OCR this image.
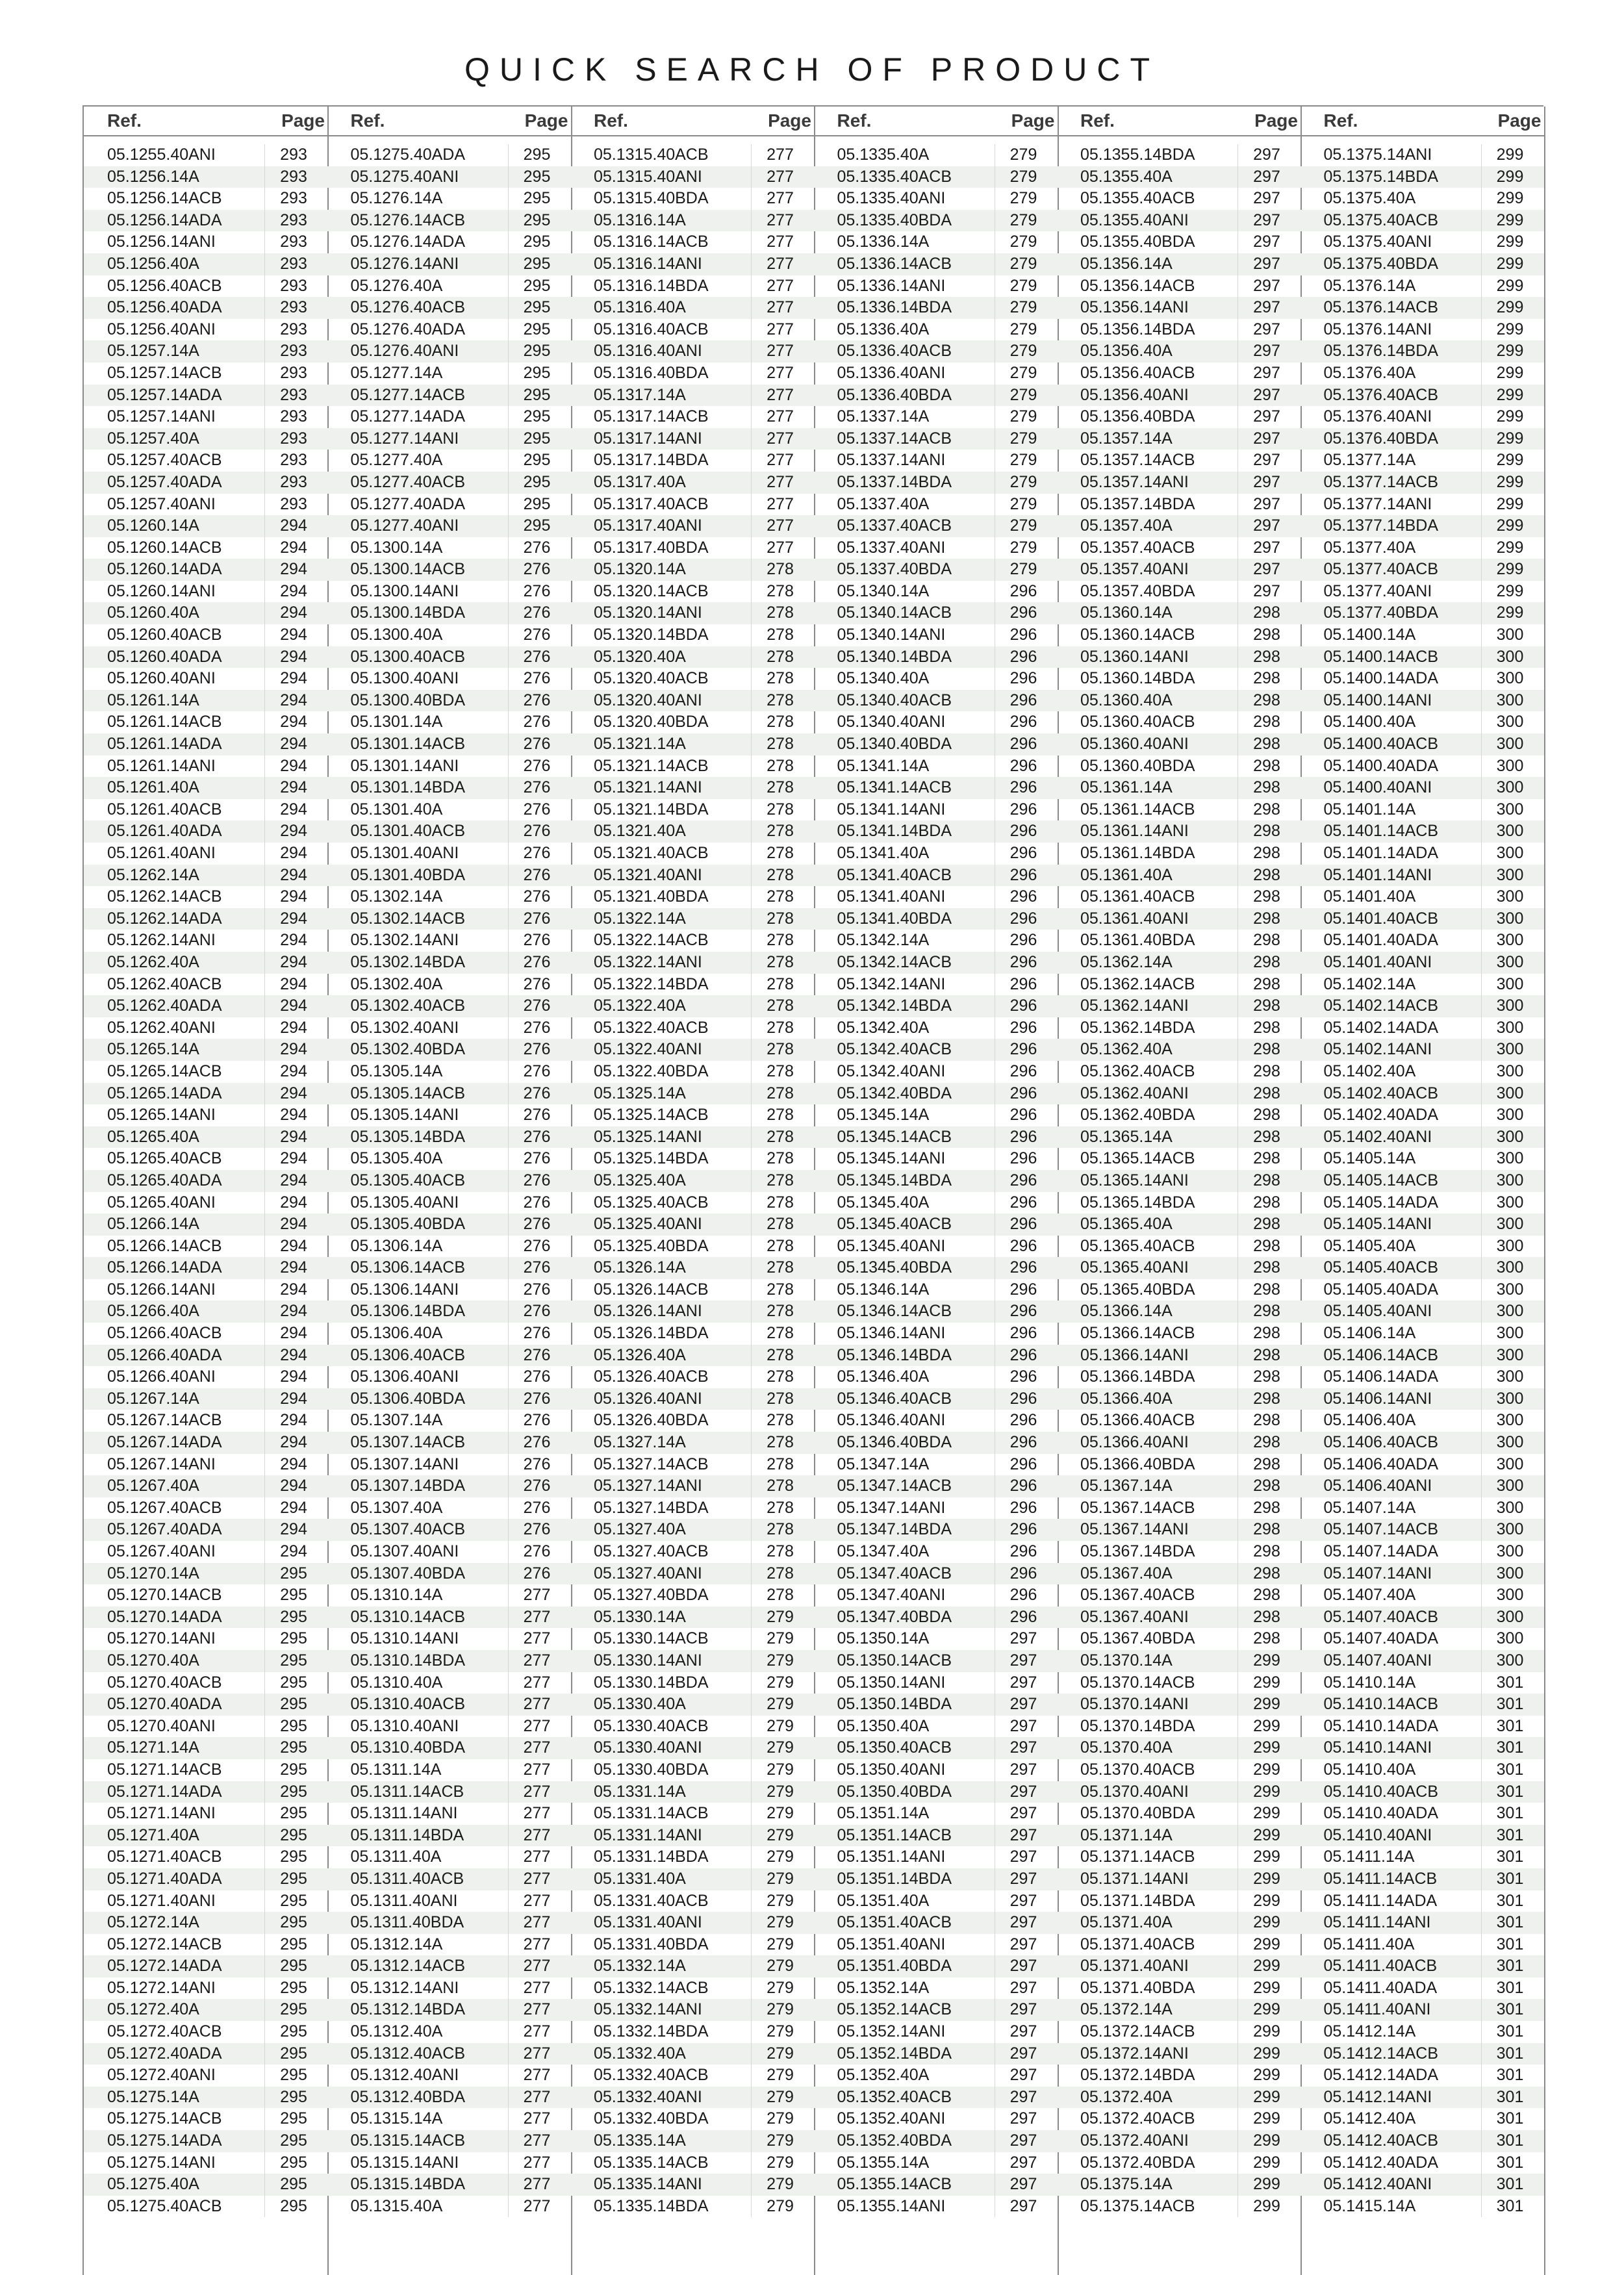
QUICK SEARCH OF PRODUCT
Ref.	Page
05.1255.40ANI	293
05.1256.14A	293
05.1256.14ACB	293
05.1256.14ADA	293
05.1256.14ANI	293
05.1256.40A	293
05.1256.40ACB	293
05.1256.40ADA	293
05.1256.40ANI	293
05.1257.14A	293
05.1257.14ACB	293
05.1257.14ADA	293
05.1257.14ANI	293
05.1257.40A	293
05.1257.40ACB	293
05.1257.40ADA	293
05.1257.40ANI	293
05.1260.14A	294
05.1260.14ACB	294
05.1260.14ADA	294
05.1260.14ANI	294
05.1260.40A	294
05.1260.40ACB	294
05.1260.40ADA	294
05.1260.40ANI	294
05.1261.14A	294
05.1261.14ACB	294
05.1261.14ADA	294
05.1261.14ANI	294
05.1261.40A	294
05.1261.40ACB	294
05.1261.40ADA	294
05.1261.40ANI	294
05.1262.14A	294
05.1262.14ACB	294
05.1262.14ADA	294
05.1262.14ANI	294
05.1262.40A	294
05.1262.40ACB	294
05.1262.40ADA	294
05.1262.40ANI	294
05.1265.14A	294
05.1265.14ACB	294
05.1265.14ADA	294
05.1265.14ANI	294
05.1265.40A	294
05.1265.40ACB	294
05.1265.40ADA	294
05.1265.40ANI	294
05.1266.14A	294
05.1266.14ACB	294
05.1266.14ADA	294
05.1266.14ANI	294
05.1266.40A	294
05.1266.40ACB	294
05.1266.40ADA	294
05.1266.40ANI	294
05.1267.14A	294
05.1267.14ACB	294
05.1267.14ADA	294
05.1267.14ANI	294
05.1267.40A	294
05.1267.40ACB	294
05.1267.40ADA	294
05.1267.40ANI	294
05.1270.14A	295
05.1270.14ACB	295
05.1270.14ADA	295
05.1270.14ANI	295
05.1270.40A	295
05.1270.40ACB	295
05.1270.40ADA	295
05.1270.40ANI	295
05.1271.14A	295
05.1271.14ACB	295
05.1271.14ADA	295
05.1271.14ANI	295
05.1271.40A	295
05.1271.40ACB	295
05.1271.40ADA	295
05.1271.40ANI	295
05.1272.14A	295
05.1272.14ACB	295
05.1272.14ADA	295
05.1272.14ANI	295
05.1272.40A	295
05.1272.40ACB	295
05.1272.40ADA	295
05.1272.40ANI	295
05.1275.14A	295
05.1275.14ACB	295
05.1275.14ADA	295
05.1275.14ANI	295
05.1275.40A	295
05.1275.40ACB	295
Ref.	Page
05.1275.40ADA	295
05.1275.40ANI	295
05.1276.14A	295
05.1276.14ACB	295
05.1276.14ADA	295
05.1276.14ANI	295
05.1276.40A	295
05.1276.40ACB	295
05.1276.40ADA	295
05.1276.40ANI	295
05.1277.14A	295
05.1277.14ACB	295
05.1277.14ADA	295
05.1277.14ANI	295
05.1277.40A	295
05.1277.40ACB	295
05.1277.40ADA	295
05.1277.40ANI	295
05.1300.14A	276
05.1300.14ACB	276
05.1300.14ANI	276
05.1300.14BDA	276
05.1300.40A	276
05.1300.40ACB	276
05.1300.40ANI	276
05.1300.40BDA	276
05.1301.14A	276
05.1301.14ACB	276
05.1301.14ANI	276
05.1301.14BDA	276
05.1301.40A	276
05.1301.40ACB	276
05.1301.40ANI	276
05.1301.40BDA	276
05.1302.14A	276
05.1302.14ACB	276
05.1302.14ANI	276
05.1302.14BDA	276
05.1302.40A	276
05.1302.40ACB	276
05.1302.40ANI	276
05.1302.40BDA	276
05.1305.14A	276
05.1305.14ACB	276
05.1305.14ANI	276
05.1305.14BDA	276
05.1305.40A	276
05.1305.40ACB	276
05.1305.40ANI	276
05.1305.40BDA	276
05.1306.14A	276
05.1306.14ACB	276
05.1306.14ANI	276
05.1306.14BDA	276
05.1306.40A	276
05.1306.40ACB	276
05.1306.40ANI	276
05.1306.40BDA	276
05.1307.14A	276
05.1307.14ACB	276
05.1307.14ANI	276
05.1307.14BDA	276
05.1307.40A	276
05.1307.40ACB	276
05.1307.40ANI	276
05.1307.40BDA	276
05.1310.14A	277
05.1310.14ACB	277
05.1310.14ANI	277
05.1310.14BDA	277
05.1310.40A	277
05.1310.40ACB	277
05.1310.40ANI	277
05.1310.40BDA	277
05.1311.14A	277
05.1311.14ACB	277
05.1311.14ANI	277
05.1311.14BDA	277
05.1311.40A	277
05.1311.40ACB	277
05.1311.40ANI	277
05.1311.40BDA	277
05.1312.14A	277
05.1312.14ACB	277
05.1312.14ANI	277
05.1312.14BDA	277
05.1312.40A	277
05.1312.40ACB	277
05.1312.40ANI	277
05.1312.40BDA	277
05.1315.14A	277
05.1315.14ACB	277
05.1315.14ANI	277
05.1315.14BDA	277
05.1315.40A	277
Ref.	Page
05.1315.40ACB	277
05.1315.40ANI	277
05.1315.40BDA	277
05.1316.14A	277
05.1316.14ACB	277
05.1316.14ANI	277
05.1316.14BDA	277
05.1316.40A	277
05.1316.40ACB	277
05.1316.40ANI	277
05.1316.40BDA	277
05.1317.14A	277
05.1317.14ACB	277
05.1317.14ANI	277
05.1317.14BDA	277
05.1317.40A	277
05.1317.40ACB	277
05.1317.40ANI	277
05.1317.40BDA	277
05.1320.14A	278
05.1320.14ACB	278
05.1320.14ANI	278
05.1320.14BDA	278
05.1320.40A	278
05.1320.40ACB	278
05.1320.40ANI	278
05.1320.40BDA	278
05.1321.14A	278
05.1321.14ACB	278
05.1321.14ANI	278
05.1321.14BDA	278
05.1321.40A	278
05.1321.40ACB	278
05.1321.40ANI	278
05.1321.40BDA	278
05.1322.14A	278
05.1322.14ACB	278
05.1322.14ANI	278
05.1322.14BDA	278
05.1322.40A	278
05.1322.40ACB	278
05.1322.40ANI	278
05.1322.40BDA	278
05.1325.14A	278
05.1325.14ACB	278
05.1325.14ANI	278
05.1325.14BDA	278
05.1325.40A	278
05.1325.40ACB	278
05.1325.40ANI	278
05.1325.40BDA	278
05.1326.14A	278
05.1326.14ACB	278
05.1326.14ANI	278
05.1326.14BDA	278
05.1326.40A	278
05.1326.40ACB	278
05.1326.40ANI	278
05.1326.40BDA	278
05.1327.14A	278
05.1327.14ACB	278
05.1327.14ANI	278
05.1327.14BDA	278
05.1327.40A	278
05.1327.40ACB	278
05.1327.40ANI	278
05.1327.40BDA	278
05.1330.14A	279
05.1330.14ACB	279
05.1330.14ANI	279
05.1330.14BDA	279
05.1330.40A	279
05.1330.40ACB	279
05.1330.40ANI	279
05.1330.40BDA	279
05.1331.14A	279
05.1331.14ACB	279
05.1331.14ANI	279
05.1331.14BDA	279
05.1331.40A	279
05.1331.40ACB	279
05.1331.40ANI	279
05.1331.40BDA	279
05.1332.14A	279
05.1332.14ACB	279
05.1332.14ANI	279
05.1332.14BDA	279
05.1332.40A	279
05.1332.40ACB	279
05.1332.40ANI	279
05.1332.40BDA	279
05.1335.14A	279
05.1335.14ACB	279
05.1335.14ANI	279
05.1335.14BDA	279
Ref.	Page
05.1335.40A	279
05.1335.40ACB	279
05.1335.40ANI	279
05.1335.40BDA	279
05.1336.14A	279
05.1336.14ACB	279
05.1336.14ANI	279
05.1336.14BDA	279
05.1336.40A	279
05.1336.40ACB	279
05.1336.40ANI	279
05.1336.40BDA	279
05.1337.14A	279
05.1337.14ACB	279
05.1337.14ANI	279
05.1337.14BDA	279
05.1337.40A	279
05.1337.40ACB	279
05.1337.40ANI	279
05.1337.40BDA	279
05.1340.14A	296
05.1340.14ACB	296
05.1340.14ANI	296
05.1340.14BDA	296
05.1340.40A	296
05.1340.40ACB	296
05.1340.40ANI	296
05.1340.40BDA	296
05.1341.14A	296
05.1341.14ACB	296
05.1341.14ANI	296
05.1341.14BDA	296
05.1341.40A	296
05.1341.40ACB	296
05.1341.40ANI	296
05.1341.40BDA	296
05.1342.14A	296
05.1342.14ACB	296
05.1342.14ANI	296
05.1342.14BDA	296
05.1342.40A	296
05.1342.40ACB	296
05.1342.40ANI	296
05.1342.40BDA	296
05.1345.14A	296
05.1345.14ACB	296
05.1345.14ANI	296
05.1345.14BDA	296
05.1345.40A	296
05.1345.40ACB	296
05.1345.40ANI	296
05.1345.40BDA	296
05.1346.14A	296
05.1346.14ACB	296
05.1346.14ANI	296
05.1346.14BDA	296
05.1346.40A	296
05.1346.40ACB	296
05.1346.40ANI	296
05.1346.40BDA	296
05.1347.14A	296
05.1347.14ACB	296
05.1347.14ANI	296
05.1347.14BDA	296
05.1347.40A	296
05.1347.40ACB	296
05.1347.40ANI	296
05.1347.40BDA	296
05.1350.14A	297
05.1350.14ACB	297
05.1350.14ANI	297
05.1350.14BDA	297
05.1350.40A	297
05.1350.40ACB	297
05.1350.40ANI	297
05.1350.40BDA	297
05.1351.14A	297
05.1351.14ACB	297
05.1351.14ANI	297
05.1351.14BDA	297
05.1351.40A	297
05.1351.40ACB	297
05.1351.40ANI	297
05.1351.40BDA	297
05.1352.14A	297
05.1352.14ACB	297
05.1352.14ANI	297
05.1352.14BDA	297
05.1352.40A	297
05.1352.40ACB	297
05.1352.40ANI	297
05.1352.40BDA	297
05.1355.14A	297
05.1355.14ACB	297
05.1355.14ANI	297
Ref.	Page
05.1355.14BDA	297
05.1355.40A	297
05.1355.40ACB	297
05.1355.40ANI	297
05.1355.40BDA	297
05.1356.14A	297
05.1356.14ACB	297
05.1356.14ANI	297
05.1356.14BDA	297
05.1356.40A	297
05.1356.40ACB	297
05.1356.40ANI	297
05.1356.40BDA	297
05.1357.14A	297
05.1357.14ACB	297
05.1357.14ANI	297
05.1357.14BDA	297
05.1357.40A	297
05.1357.40ACB	297
05.1357.40ANI	297
05.1357.40BDA	297
05.1360.14A	298
05.1360.14ACB	298
05.1360.14ANI	298
05.1360.14BDA	298
05.1360.40A	298
05.1360.40ACB	298
05.1360.40ANI	298
05.1360.40BDA	298
05.1361.14A	298
05.1361.14ACB	298
05.1361.14ANI	298
05.1361.14BDA	298
05.1361.40A	298
05.1361.40ACB	298
05.1361.40ANI	298
05.1361.40BDA	298
05.1362.14A	298
05.1362.14ACB	298
05.1362.14ANI	298
05.1362.14BDA	298
05.1362.40A	298
05.1362.40ACB	298
05.1362.40ANI	298
05.1362.40BDA	298
05.1365.14A	298
05.1365.14ACB	298
05.1365.14ANI	298
05.1365.14BDA	298
05.1365.40A	298
05.1365.40ACB	298
05.1365.40ANI	298
05.1365.40BDA	298
05.1366.14A	298
05.1366.14ACB	298
05.1366.14ANI	298
05.1366.14BDA	298
05.1366.40A	298
05.1366.40ACB	298
05.1366.40ANI	298
05.1366.40BDA	298
05.1367.14A	298
05.1367.14ACB	298
05.1367.14ANI	298
05.1367.14BDA	298
05.1367.40A	298
05.1367.40ACB	298
05.1367.40ANI	298
05.1367.40BDA	298
05.1370.14A	299
05.1370.14ACB	299
05.1370.14ANI	299
05.1370.14BDA	299
05.1370.40A	299
05.1370.40ACB	299
05.1370.40ANI	299
05.1370.40BDA	299
05.1371.14A	299
05.1371.14ACB	299
05.1371.14ANI	299
05.1371.14BDA	299
05.1371.40A	299
05.1371.40ACB	299
05.1371.40ANI	299
05.1371.40BDA	299
05.1372.14A	299
05.1372.14ACB	299
05.1372.14ANI	299
05.1372.14BDA	299
05.1372.40A	299
05.1372.40ACB	299
05.1372.40ANI	299
05.1372.40BDA	299
05.1375.14A	299
05.1375.14ACB	299
Ref.	Page
05.1375.14ANI	299
05.1375.14BDA	299
05.1375.40A	299
05.1375.40ACB	299
05.1375.40ANI	299
05.1375.40BDA	299
05.1376.14A	299
05.1376.14ACB	299
05.1376.14ANI	299
05.1376.14BDA	299
05.1376.40A	299
05.1376.40ACB	299
05.1376.40ANI	299
05.1376.40BDA	299
05.1377.14A	299
05.1377.14ACB	299
05.1377.14ANI	299
05.1377.14BDA	299
05.1377.40A	299
05.1377.40ACB	299
05.1377.40ANI	299
05.1377.40BDA	299
05.1400.14A	300
05.1400.14ACB	300
05.1400.14ADA	300
05.1400.14ANI	300
05.1400.40A	300
05.1400.40ACB	300
05.1400.40ADA	300
05.1400.40ANI	300
05.1401.14A	300
05.1401.14ACB	300
05.1401.14ADA	300
05.1401.14ANI	300
05.1401.40A	300
05.1401.40ACB	300
05.1401.40ADA	300
05.1401.40ANI	300
05.1402.14A	300
05.1402.14ACB	300
05.1402.14ADA	300
05.1402.14ANI	300
05.1402.40A	300
05.1402.40ACB	300
05.1402.40ADA	300
05.1402.40ANI	300
05.1405.14A	300
05.1405.14ACB	300
05.1405.14ADA	300
05.1405.14ANI	300
05.1405.40A	300
05.1405.40ACB	300
05.1405.40ADA	300
05.1405.40ANI	300
05.1406.14A	300
05.1406.14ACB	300
05.1406.14ADA	300
05.1406.14ANI	300
05.1406.40A	300
05.1406.40ACB	300
05.1406.40ADA	300
05.1406.40ANI	300
05.1407.14A	300
05.1407.14ACB	300
05.1407.14ADA	300
05.1407.14ANI	300
05.1407.40A	300
05.1407.40ACB	300
05.1407.40ADA	300
05.1407.40ANI	300
05.1410.14A	301
05.1410.14ACB	301
05.1410.14ADA	301
05.1410.14ANI	301
05.1410.40A	301
05.1410.40ACB	301
05.1410.40ADA	301
05.1410.40ANI	301
05.1411.14A	301
05.1411.14ACB	301
05.1411.14ADA	301
05.1411.14ANI	301
05.1411.40A	301
05.1411.40ACB	301
05.1411.40ADA	301
05.1411.40ANI	301
05.1412.14A	301
05.1412.14ACB	301
05.1412.14ADA	301
05.1412.14ANI	301
05.1412.40A	301
05.1412.40ACB	301
05.1412.40ADA	301
05.1412.40ANI	301
05.1415.14A	301
